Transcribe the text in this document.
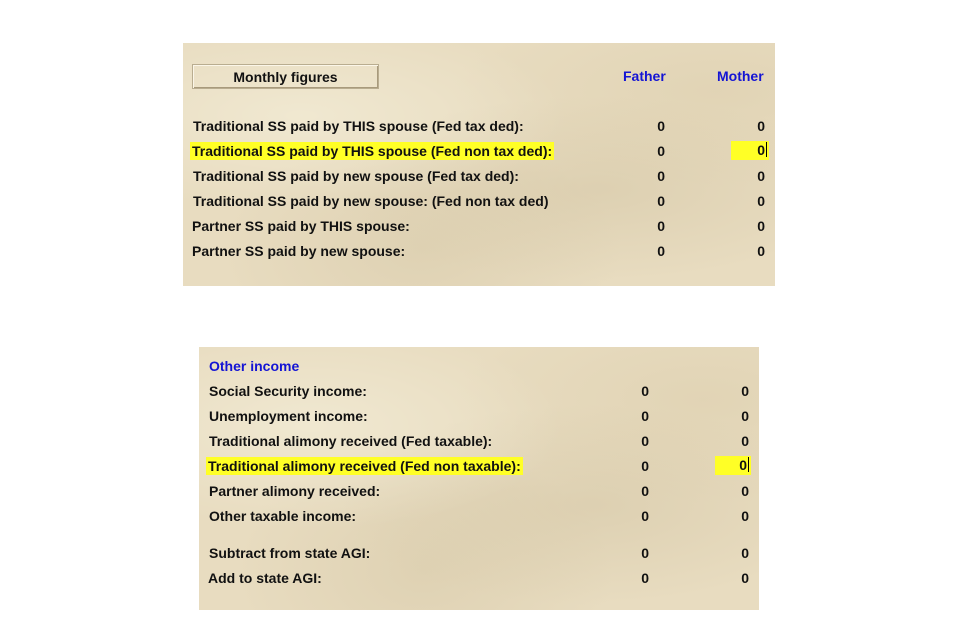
Monthly figures	Father	Mother
Traditional SS paid by THIS spouse (Fed tax ded):	0	0
Traditional SS paid by THIS spouse (Fed non tax ded):	0	0
Traditional SS paid by new spouse (Fed tax ded):	0	0
Traditional SS paid by new spouse: (Fed non tax ded)	0	0
Partner SS paid by THIS spouse:	0	0
Partner SS paid by new spouse:	0	0
Other income
Social Security income:	0	0
Unemployment income:	0	0
Traditional alimony received (Fed taxable):	0	0
Traditional alimony received (Fed non taxable):	0	0
Partner alimony received:	0	0
Other taxable income:	0	0
Subtract from state AGI:	0	0
Add to state AGI:	0	0
